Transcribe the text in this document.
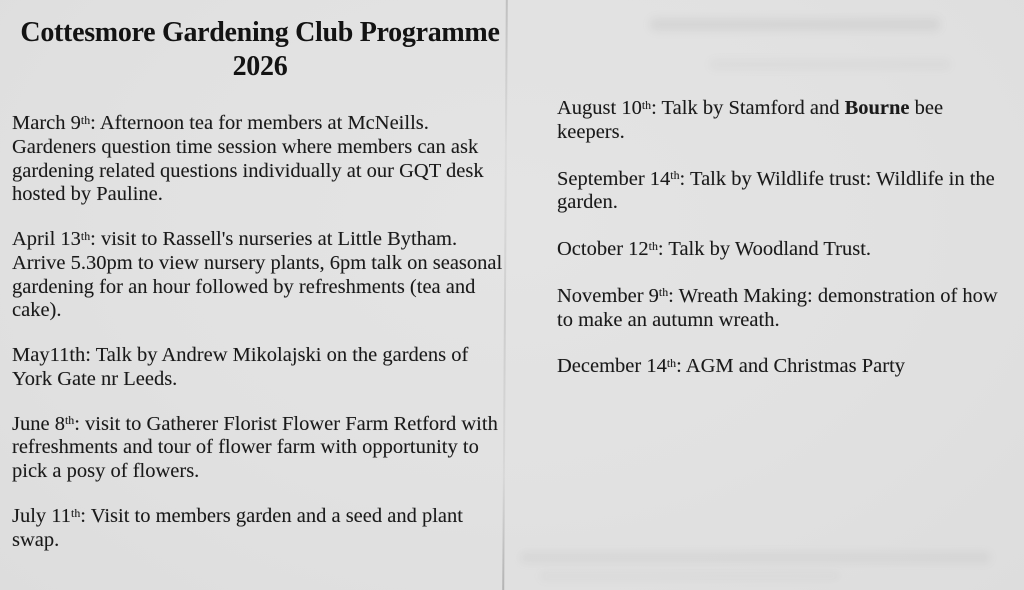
Cottesmore Gardening Club Programme
2026

March 9th: Afternoon tea for members at McNeills. Gardeners question time session where members can ask gardening related questions individually at our GQT desk hosted by Pauline.

April 13th: visit to Rassell's nurseries at Little Bytham. Arrive 5.30pm to view nursery plants, 6pm talk on seasonal gardening for an hour followed by refreshments (tea and cake).

May11th: Talk by Andrew Mikolajski on the gardens of York Gate nr Leeds.

June 8th: visit to Gatherer Florist Flower Farm Retford with refreshments and tour of flower farm with opportunity to pick a posy of flowers.

July 11th: Visit to members garden and a seed and plant swap.

August 10th: Talk by Stamford and Bourne bee keepers.

September 14th: Talk by Wildlife trust: Wildlife in the garden.

October 12th: Talk by Woodland Trust.

November 9th: Wreath Making: demonstration of how to make an autumn wreath.

December 14th: AGM and Christmas Party
